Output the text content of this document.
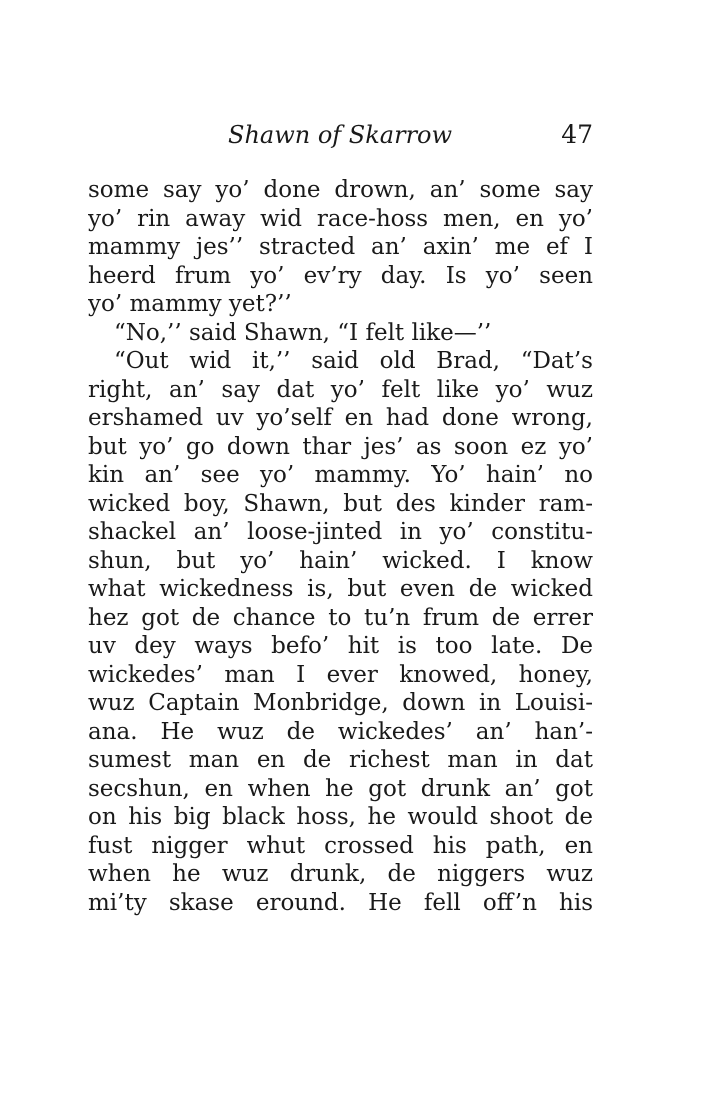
Shawn of Skarrow	47
some say yo’ done drown, an’ some say
yo’ rin away wid race-hoss men, en yo’
mammy jes’’ stracted an’ axin’ me ef I
heerd frum yo’ ev’ry day. Is yo’ seen
yo’ mammy yet?’’
“No,’’ said Shawn, “I felt like—’’
“Out wid it,’’ said old Brad, “Dat’s
right, an’ say dat yo’ felt like yo’ wuz
ershamed uv yo’self en had done wrong,
but yo’ go down thar jes’ as soon ez yo’
kin an’ see yo’ mammy. Yo’ hain’ no
wicked boy, Shawn, but des kinder ram-
shackel an’ loose-jinted in yo’ constitu-
shun, but yo’ hain’ wicked. I know
what wickedness is, but even de wicked
hez got de chance to tu’n frum de errer
uv dey ways befo’ hit is too late. De
wickedes’ man I ever knowed, honey,
wuz Captain Monbridge, down in Louisi-
ana. He wuz de wickedes’ an’ han’-
sumest man en de richest man in dat
secshun, en when he got drunk an’ got
on his big black hoss, he would shoot de
fust nigger whut crossed his path, en
when he wuz drunk, de niggers wuz
mi’ty skase eround. He fell off’n his
